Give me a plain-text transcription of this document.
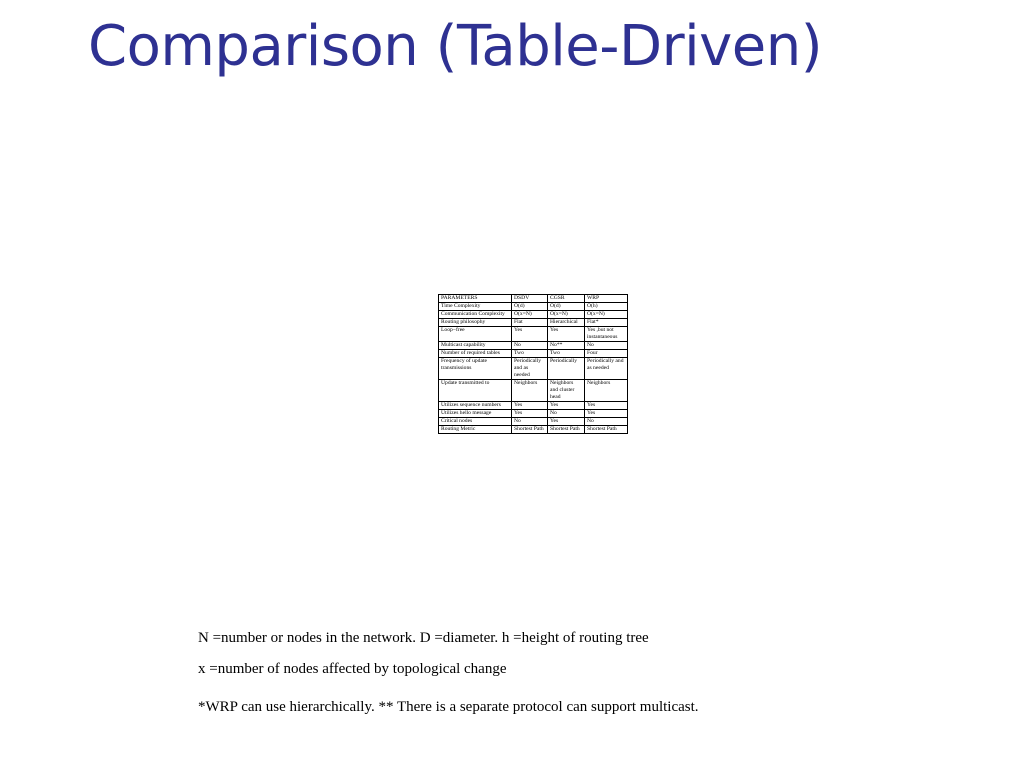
Comparison (Table-Driven)
PARAMETERS	DSDV	CGSR	WRP
Time Complexity	O(d)	O(d)	O(h)
Communication Complexity	O(x=N)	O(x=N)	O(x=N)
Routing philosophy	Flat	Hierarchical	Flat*
Loop−free	Yes	Yes	Yes ,but not instantaneous
Multicast capability	No	No**	No
Number of required tables	Two	Two	Four
Frequency of update transmissions	Periodically and as needed	Periodically	Periodically and as needed
Update transmitted to	Neighbors	Neighbors and cluster head	Neighbors
Utilizes sequence numbers	Yes	Yes	Yes
Utilizes hello message	Yes	No	Yes
Critical nodes	No	Yes	No
Routing Metric	Shortest Path	Shortest Path	Shortest Path

N =number or nodes in the network. D =diameter. h =height of routing tree

x =number of nodes affected by topological change

*WRP can use hierarchically. ** There is a separate protocol can support multicast.
